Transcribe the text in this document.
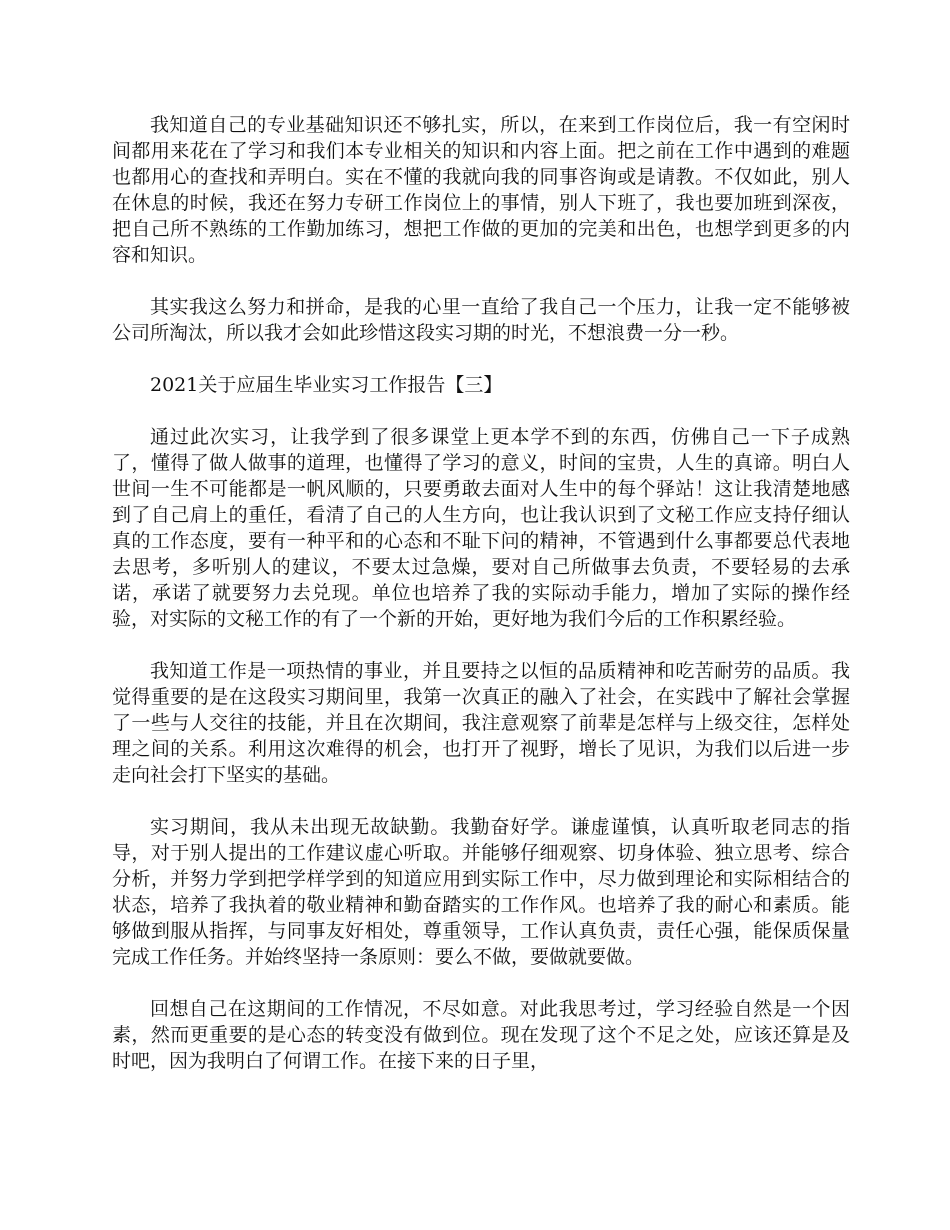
我知道自己的专业基础知识还不够扎实，所以，在来到工作岗位后，我一有空闲时间都用来花在了学习和我们本专业相关的知识和内容上面。把之前在工作中遇到的难题也都用心的查找和弄明白。实在不懂的我就向我的同事咨询或是请教。不仅如此，别人在休息的时候，我还在努力专研工作岗位上的事情，别人下班了，我也要加班到深夜，把自己所不熟练的工作勤加练习，想把工作做的更加的完美和出色，也想学到更多的内容和知识。

其实我这么努力和拼命，是我的心里一直给了我自己一个压力，让我一定不能够被公司所淘汰，所以我才会如此珍惜这段实习期的时光，不想浪费一分一秒。

2021关于应届生毕业实习工作报告【三】

通过此次实习，让我学到了很多课堂上更本学不到的东西，仿佛自己一下子成熟了，懂得了做人做事的道理，也懂得了学习的意义，时间的宝贵，人生的真谛。明白人世间一生不可能都是一帆风顺的，只要勇敢去面对人生中的每个驿站！这让我清楚地感到了自己肩上的重任，看清了自己的人生方向，也让我认识到了文秘工作应支持仔细认真的工作态度，要有一种平和的心态和不耻下问的精神，不管遇到什么事都要总代表地去思考，多听别人的建议，不要太过急燥，要对自己所做事去负责，不要轻易的去承诺，承诺了就要努力去兑现。单位也培养了我的实际动手能力，增加了实际的操作经验，对实际的文秘工作的有了一个新的开始，更好地为我们今后的工作积累经验。

我知道工作是一项热情的事业，并且要持之以恒的品质精神和吃苦耐劳的品质。我觉得重要的是在这段实习期间里，我第一次真正的融入了社会，在实践中了解社会掌握了一些与人交往的技能，并且在次期间，我注意观察了前辈是怎样与上级交往，怎样处理之间的关系。利用这次难得的机会，也打开了视野，增长了见识，为我们以后进一步走向社会打下坚实的基础。

实习期间，我从未出现无故缺勤。我勤奋好学。谦虚谨慎，认真听取老同志的指导，对于别人提出的工作建议虚心听取。并能够仔细观察、切身体验、独立思考、综合分析，并努力学到把学样学到的知道应用到实际工作中，尽力做到理论和实际相结合的状态，培养了我执着的敬业精神和勤奋踏实的工作作风。也培养了我的耐心和素质。能够做到服从指挥，与同事友好相处，尊重领导，工作认真负责，责任心强，能保质保量完成工作任务。并始终坚持一条原则：要么不做，要做就要做。

回想自己在这期间的工作情况，不尽如意。对此我思考过，学习经验自然是一个因素，然而更重要的是心态的转变没有做到位。现在发现了这个不足之处，应该还算是及时吧，因为我明白了何谓工作。在接下来的日子里，
